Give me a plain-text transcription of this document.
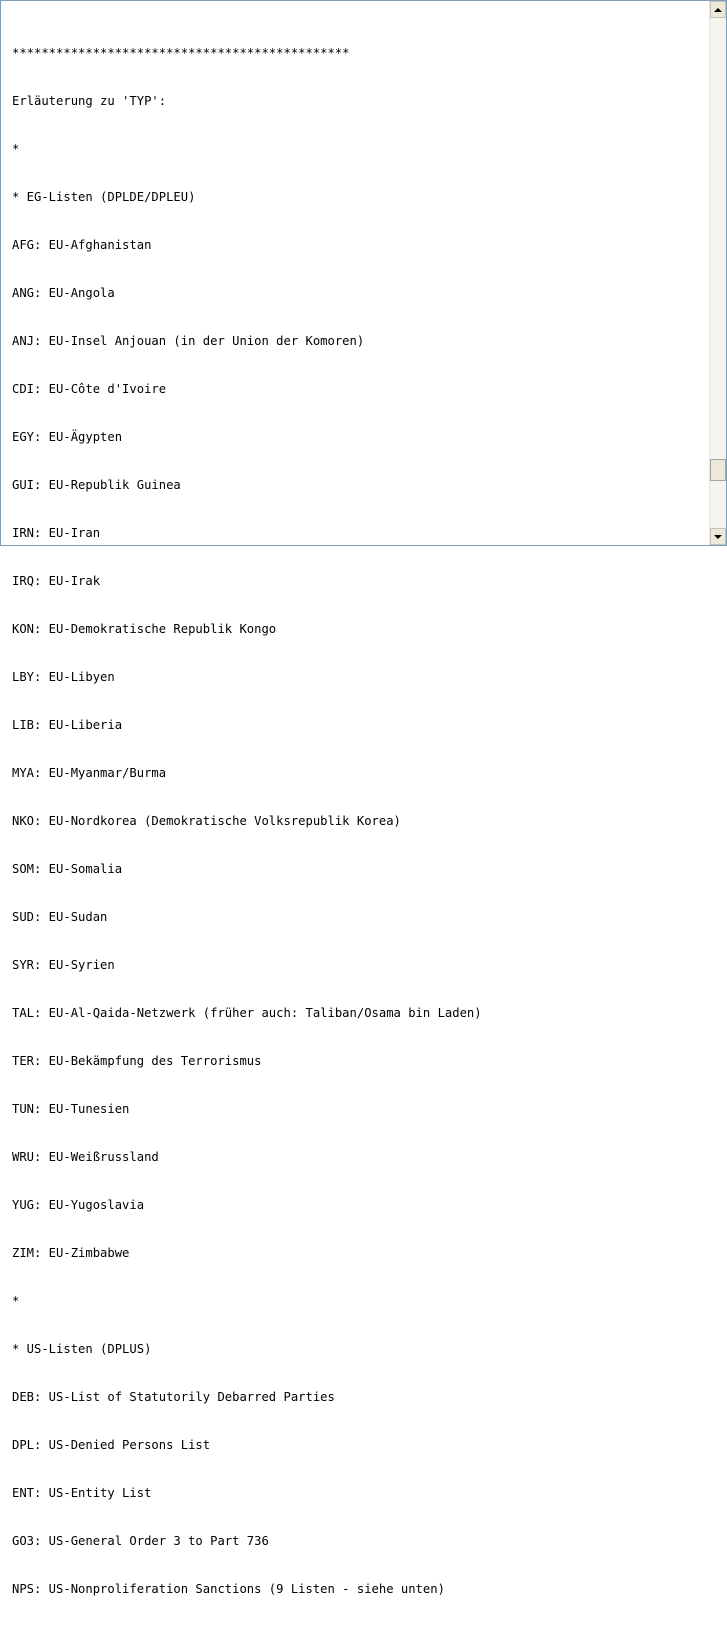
**********************************************

Erläuterung zu 'TYP':

*

* EG-Listen (DPLDE/DPLEU)

AFG: EU-Afghanistan

ANG: EU-Angola

ANJ: EU-Insel Anjouan (in der Union der Komoren)

CDI: EU-Côte d'Ivoire

EGY: EU-Ägypten

GUI: EU-Republik Guinea

IRN: EU-Iran

IRQ: EU-Irak

KON: EU-Demokratische Republik Kongo

LBY: EU-Libyen

LIB: EU-Liberia

MYA: EU-Myanmar/Burma

NKO: EU-Nordkorea (Demokratische Volksrepublik Korea)

SOM: EU-Somalia

SUD: EU-Sudan

SYR: EU-Syrien

TAL: EU-Al-Qaida-Netzwerk (früher auch: Taliban/Osama bin Laden)

TER: EU-Bekämpfung des Terrorismus

TUN: EU-Tunesien

WRU: EU-Weißrussland

YUG: EU-Yugoslavia

ZIM: EU-Zimbabwe

*

* US-Listen (DPLUS)

DEB: US-List of Statutorily Debarred Parties

DPL: US-Denied Persons List

ENT: US-Entity List

GO3: US-General Order 3 to Part 736

NPS: US-Nonproliferation Sanctions (9 Listen - siehe unten)
